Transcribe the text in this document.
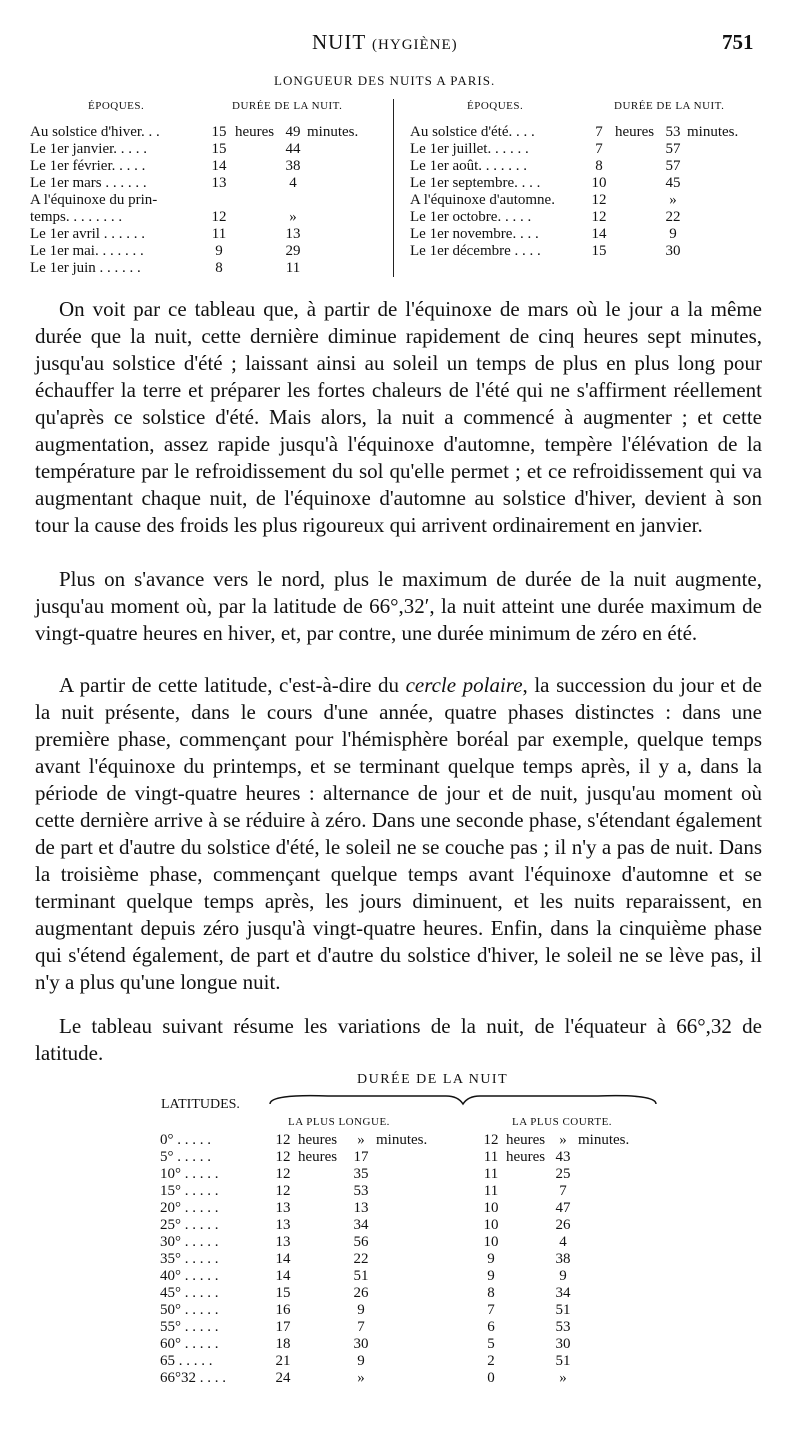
NUIT (HYGIÈNE)	751
LONGUEUR DES NUITS A PARIS.
ÉPOQUES.	DURÉE DE LA NUIT.	ÉPOQUES.	DURÉE DE LA NUIT.
Au solstice d'hiver. . .	15 heures 49 minutes.
Le 1er janvier. . . . .	15	44
Le 1er février. . . . .	14	38
Le 1er mars . . . . . .	13	4
A l'équinoxe du prin-
temps. . . . . . . .	12	»
Le 1er avril . . . . . .	11	13
Le 1er mai. . . . . . .	9	29
Le 1er juin . . . . . .	8	11
Au solstice d'été. . . .	7 heures 53 minutes.
Le 1er juillet. . . . . .	7	57
Le 1er août. . . . . . .	8	57
Le 1er septembre. . . .	10	45
A l'équinoxe d'automne. 12	»
Le 1er octobre. . . . .	12	22
Le 1er novembre. . . .	14	9
Le 1er décembre . . . .	15	30

On voit par ce tableau que, à partir de l'équinoxe de mars où le jour a la même durée que la nuit, cette dernière diminue rapidement de cinq heures sept minutes, jusqu'au solstice d'été ; laissant ainsi au soleil un temps de plus en plus long pour échauffer la terre et préparer les fortes chaleurs de l'été qui ne s'affirment réellement qu'après ce solstice d'été. Mais alors, la nuit a commencé à augmenter ; et cette augmentation, assez rapide jusqu'à l'équinoxe d'automne, tempère l'élévation de la température par le refroidissement du sol qu'elle permet ; et ce refroidissement qui va augmentant chaque nuit, de l'équinoxe d'automne au solstice d'hiver, devient à son tour la cause des froids les plus rigoureux qui arrivent ordinairement en janvier.

Plus on s'avance vers le nord, plus le maximum de durée de la nuit augmente, jusqu'au moment où, par la latitude de 66°,32′, la nuit atteint une durée maximum de vingt-quatre heures en hiver, et, par contre, une durée minimum de zéro en été.

A partir de cette latitude, c'est-à-dire du cercle polaire, la succession du jour et de la nuit présente, dans le cours d'une année, quatre phases distinctes : dans une première phase, commençant pour l'hémisphère boréal par exemple, quelque temps avant l'équinoxe du printemps, et se terminant quelque temps après, il y a, dans la période de vingt-quatre heures : alternance de jour et de nuit, jusqu'au moment où cette dernière arrive à se réduire à zéro. Dans une seconde phase, s'étendant également de part et d'autre du solstice d'été, le soleil ne se couche pas ; il n'y a pas de nuit. Dans la troisième phase, commençant quelque temps avant l'équinoxe d'automne et se terminant quelque temps après, les jours diminuent, et les nuits reparaissent, en augmentant depuis zéro jusqu'à vingt-quatre heures. Enfin, dans la cinquième phase qui s'étend également, de part et d'autre du solstice d'hiver, le soleil ne se lève pas, il n'y a plus qu'une longue nuit.

Le tableau suivant résume les variations de la nuit, de l'équateur à 66°,32 de latitude.

DURÉE DE LA NUIT
LATITUDES.
LA PLUS LONGUE.	LA PLUS COURTE.
0° . . . . .	12 heures	» minutes.	12 heures » minutes.
5° . . . . .	12 heures 17	11 heures 43
10° . . . . .	12	35	11	25
15° . . . . .	12	53	11	7
20° . . . . .	13	13	10	47
25° . . . . .	13	34	10	26
30° . . . . .	13	56	10	4
35° . . . . .	14	22	9	38
40° . . . . .	14	51	9	9
45° . . . . .	15	26	8	34
50° . . . . .	16	9	7	51
55° . . . . .	17	7	6	53
60° . . . . .	18	30	5	30
65 . . . . .	21	9	2	51
66°32 . . . .	24	»	0	»
